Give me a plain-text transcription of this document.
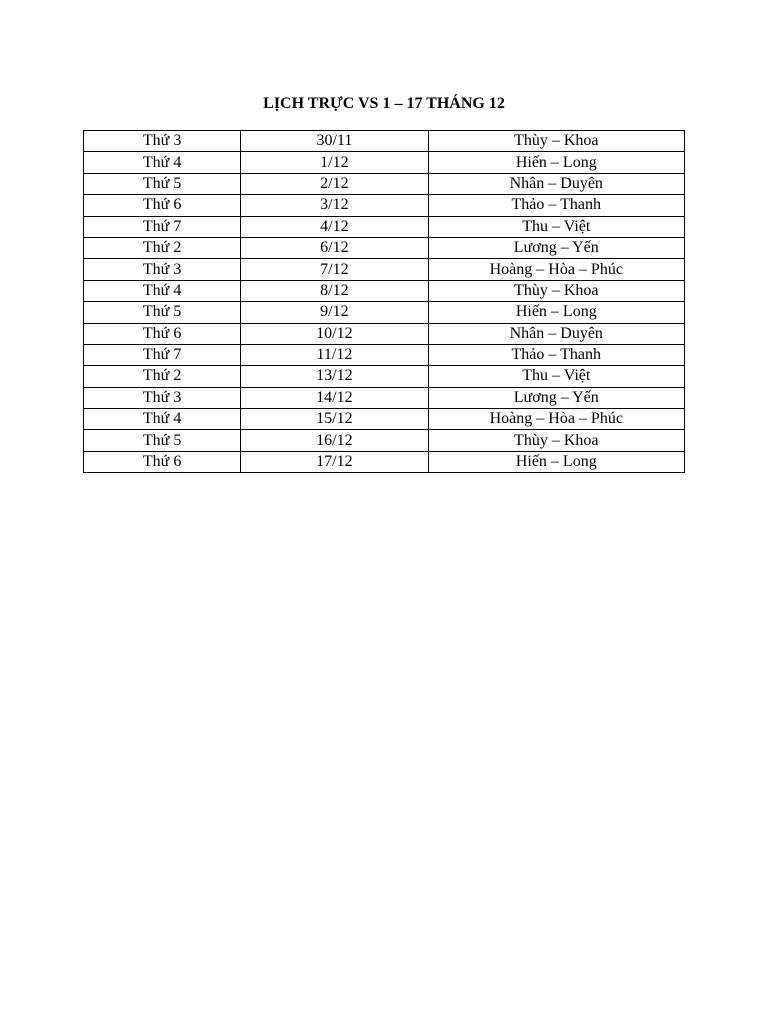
LỊCH TRỰC VS 1 – 17 THÁNG 12
Thứ 3	30/11	Thùy – Khoa
Thứ 4	1/12	Hiến – Long
Thứ 5	2/12	Nhân – Duyên
Thứ 6	3/12	Thảo – Thanh
Thứ 7	4/12	Thu – Việt
Thứ 2	6/12	Lương – Yến
Thứ 3	7/12	Hoàng – Hòa – Phúc
Thứ 4	8/12	Thùy – Khoa
Thứ 5	9/12	Hiến – Long
Thứ 6	10/12	Nhân – Duyên
Thứ 7	11/12	Thảo – Thanh
Thứ 2	13/12	Thu – Việt
Thứ 3	14/12	Lương – Yến
Thứ 4	15/12	Hoàng – Hòa – Phúc
Thứ 5	16/12	Thùy – Khoa
Thứ 6	17/12	Hiến – Long
